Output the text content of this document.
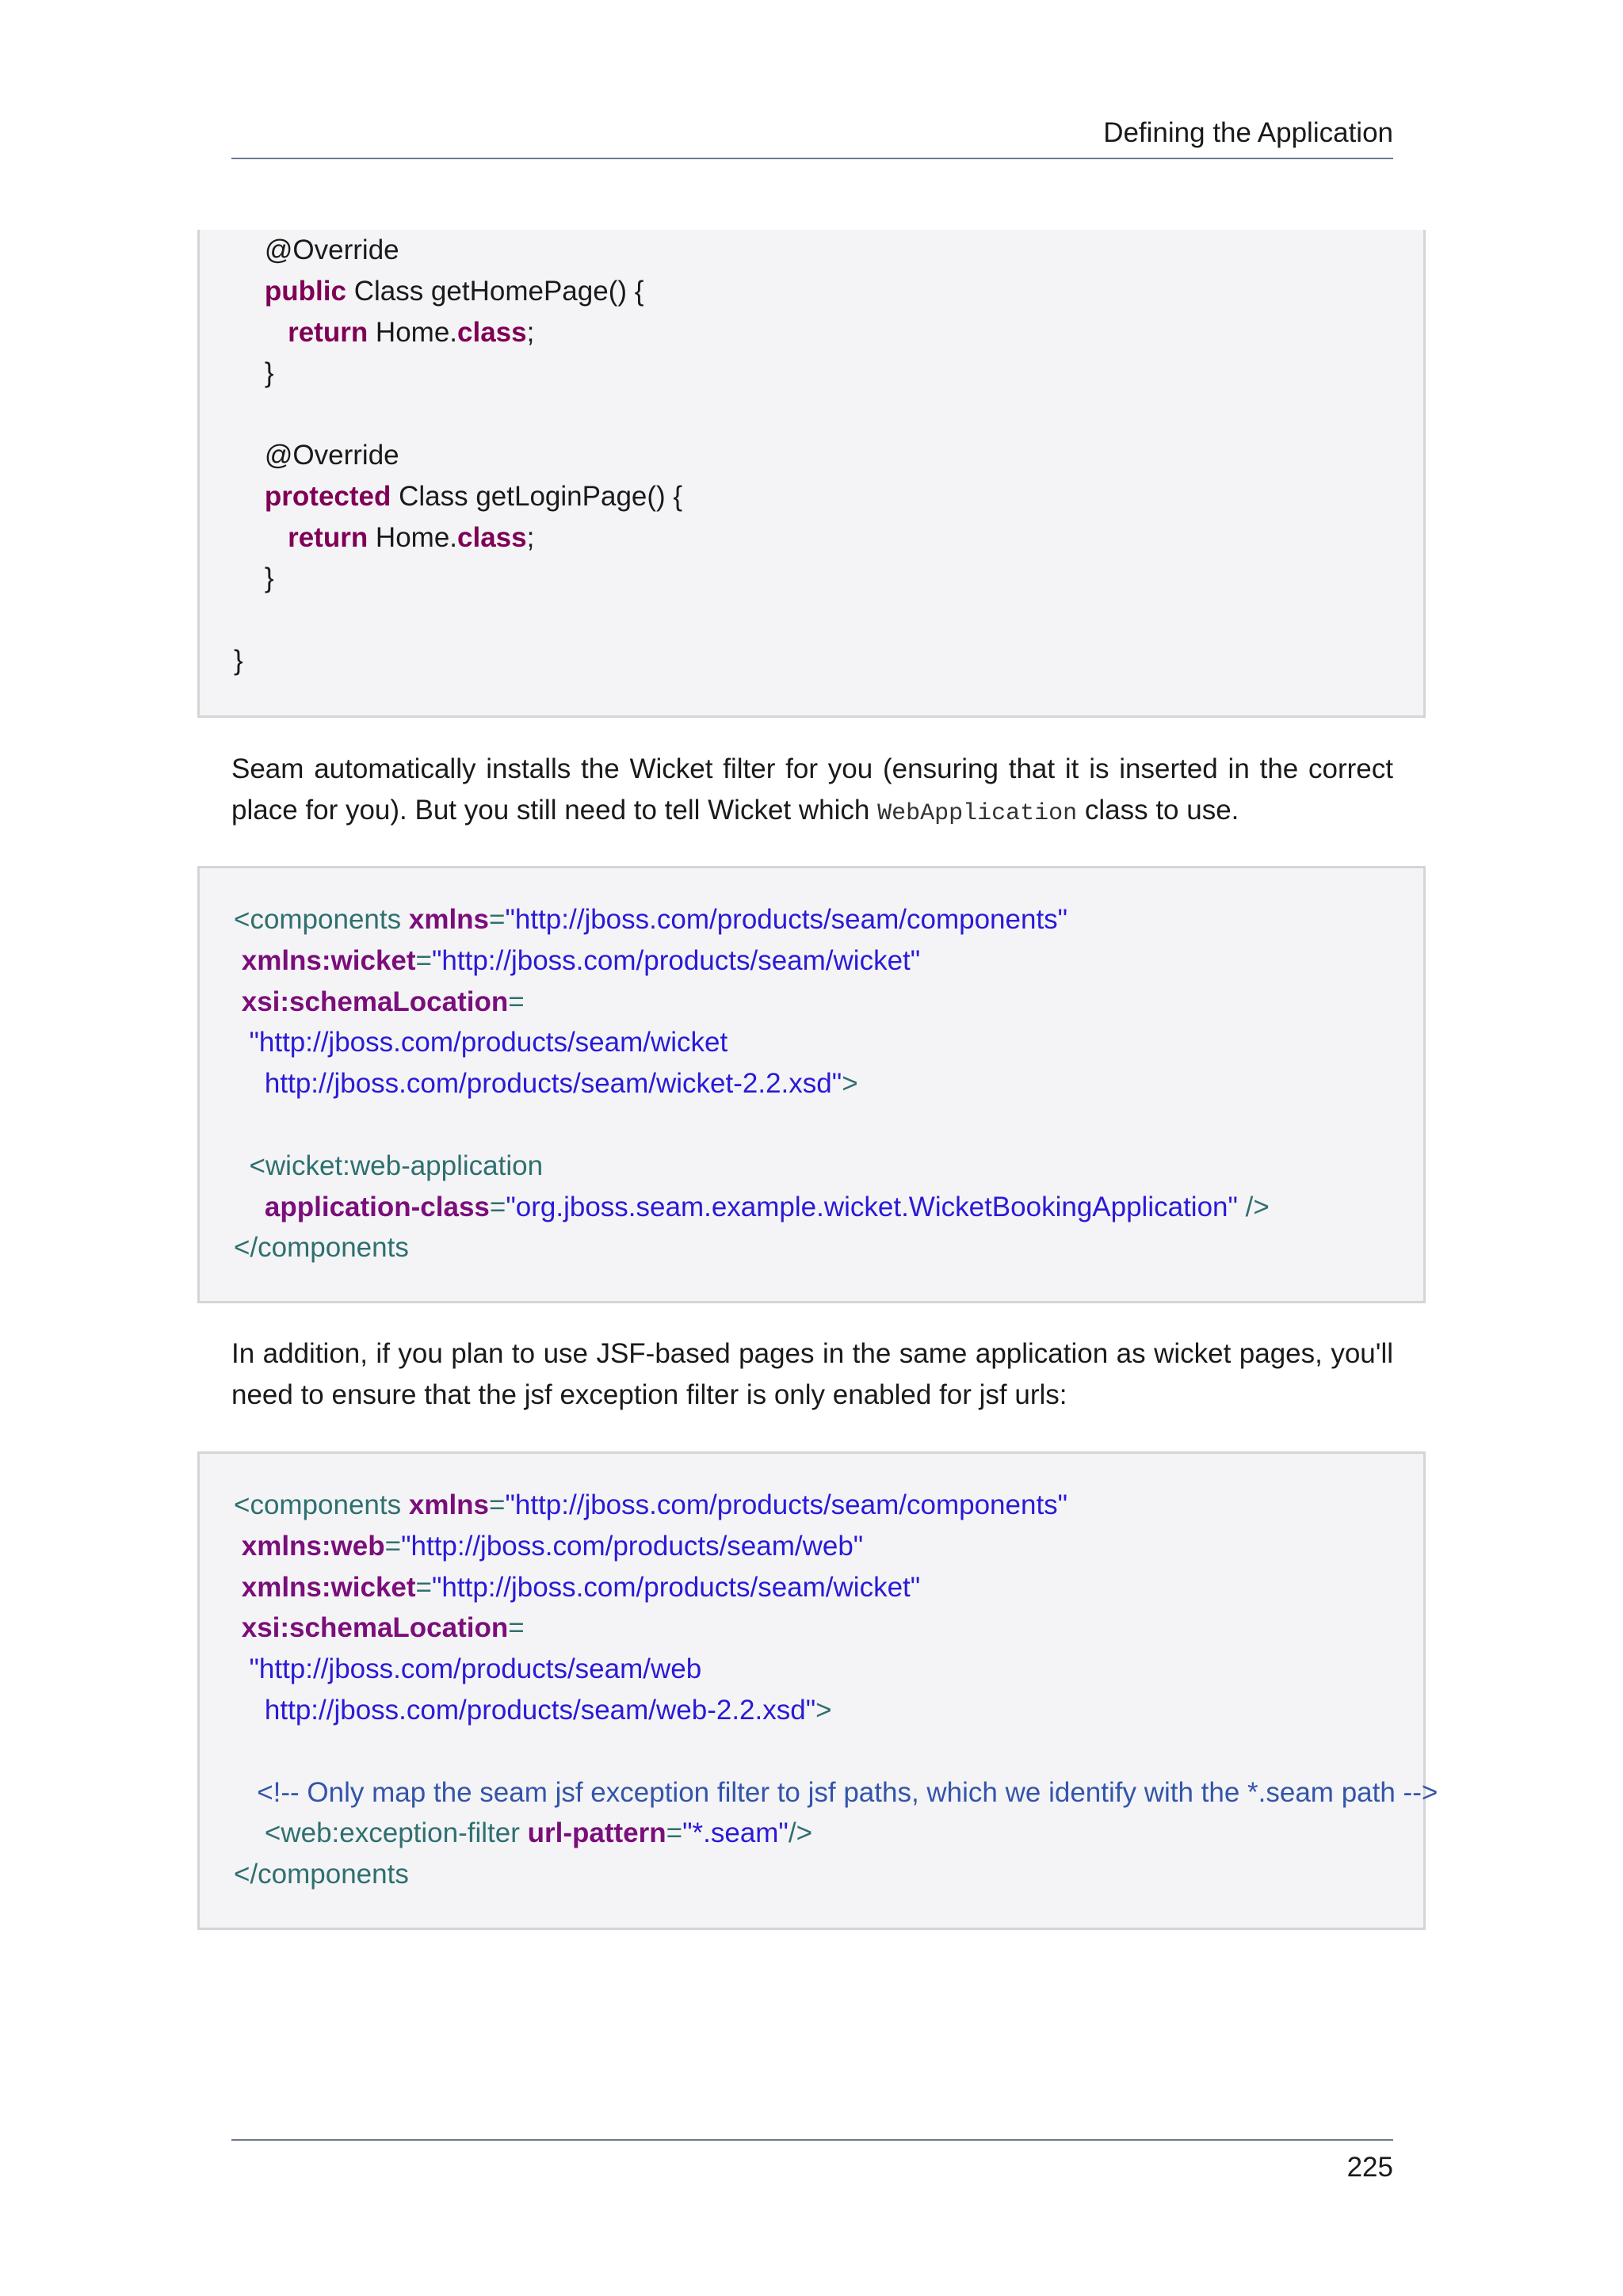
Defining the Application
@Override
public Class getHomePage() {
return Home.class;
}

@Override
protected Class getLoginPage() {
return Home.class;
}

}

Seam automatically installs the Wicket filter for you (ensuring that it is inserted in the correct place for you). But you still need to tell Wicket which WebApplication class to use.

<components xmlns="http://jboss.com/products/seam/components"
xmlns:wicket="http://jboss.com/products/seam/wicket"
xsi:schemaLocation=
"http://jboss.com/products/seam/wicket
http://jboss.com/products/seam/wicket-2.2.xsd">

<wicket:web-application
application-class="org.jboss.seam.example.wicket.WicketBookingApplication" />
</components

In addition, if you plan to use JSF-based pages in the same application as wicket pages, you'll need to ensure that the jsf exception filter is only enabled for jsf urls:

<components xmlns="http://jboss.com/products/seam/components"
xmlns:web="http://jboss.com/products/seam/web"
xmlns:wicket="http://jboss.com/products/seam/wicket"
xsi:schemaLocation=
"http://jboss.com/products/seam/web
http://jboss.com/products/seam/web-2.2.xsd">

<!-- Only map the seam jsf exception filter to jsf paths, which we identify with the *.seam path -->
<web:exception-filter url-pattern="*.seam"/>
</components
225
